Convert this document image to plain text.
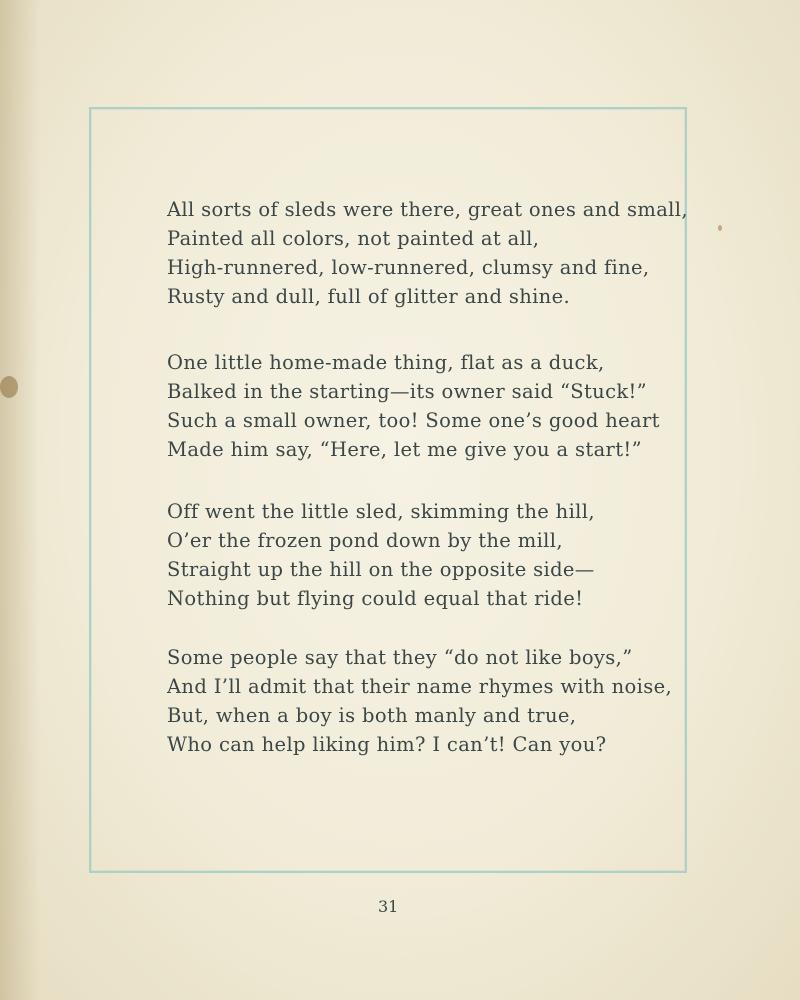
All sorts of sleds were there, great ones and small,
Painted all colors, not painted at all,
High-runnered, low-runnered, clumsy and fine,
Rusty and dull, full of glitter and shine.
One little home-made thing, flat as a duck,
Balked in the starting—its owner said “Stuck!”
Such a small owner, too! Some one’s good heart
Made him say, “Here, let me give you a start!”
Off went the little sled, skimming the hill,
O’er the frozen pond down by the mill,
Straight up the hill on the opposite side—
Nothing but flying could equal that ride!
Some people say that they “do not like boys,”
And I’ll admit that their name rhymes with noise,
But, when a boy is both manly and true,
Who can help liking him? I can’t! Can you?
31
